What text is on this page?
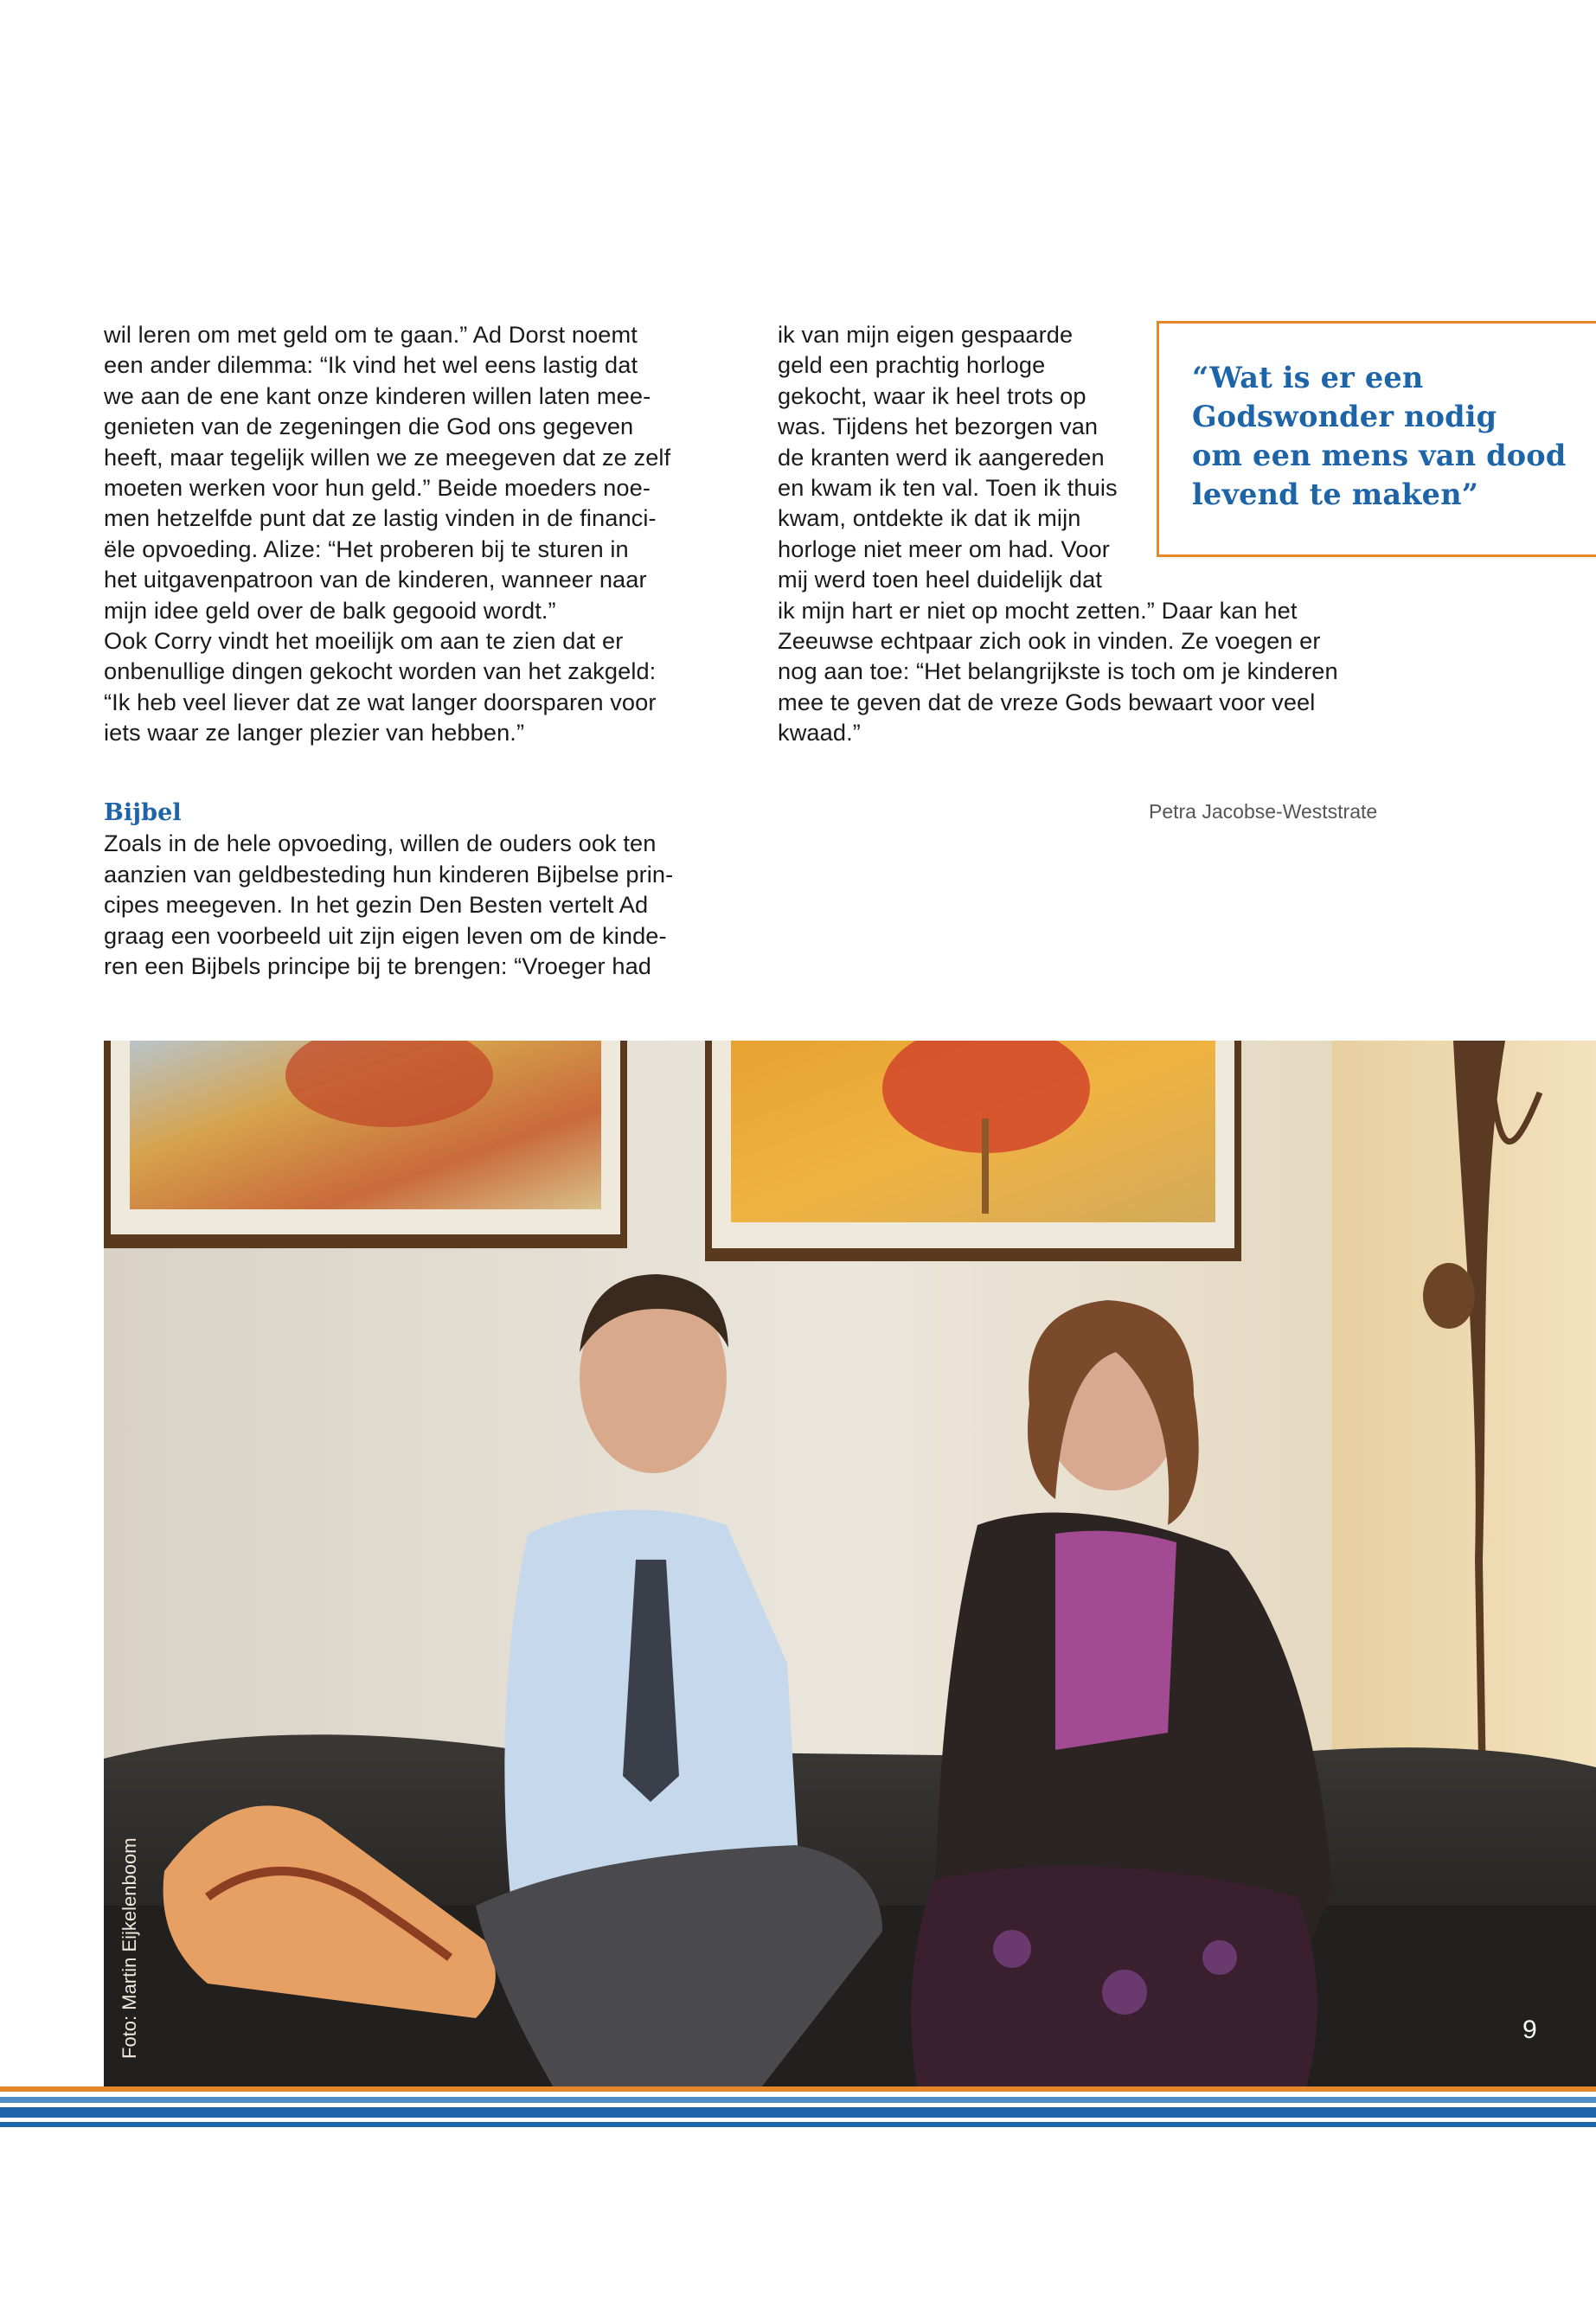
wil leren om met geld om te gaan.” Ad Dorst noemt
een ander dilemma: “Ik vind het wel eens lastig dat
we aan de ene kant onze kinderen willen laten mee-
genieten van de zegeningen die God ons gegeven
heeft, maar tegelijk willen we ze meegeven dat ze zelf
moeten werken voor hun geld.” Beide moeders noe-
men hetzelfde punt dat ze lastig vinden in de financi-
ële opvoeding. Alize: “Het proberen bij te sturen in
het uitgavenpatroon van de kinderen, wanneer naar
mijn idee geld over de balk gegooid wordt.”
Ook Corry vindt het moeilijk om aan te zien dat er
onbenullige dingen gekocht worden van het zakgeld:
“Ik heb veel liever dat ze wat langer doorsparen voor
iets waar ze langer plezier van hebben.”

Bijbel

Zoals in de hele opvoeding, willen de ouders ook ten
aanzien van geldbesteding hun kinderen Bijbelse prin-
cipes meegeven. In het gezin Den Besten vertelt Ad
graag een voorbeeld uit zijn eigen leven om de kinde-
ren een Bijbels principe bij te brengen: “Vroeger had

ik van mijn eigen gespaarde
geld een prachtig horloge
gekocht, waar ik heel trots op
was. Tijdens het bezorgen van
de kranten werd ik aangereden
en kwam ik ten val. Toen ik thuis
kwam, ontdekte ik dat ik mijn
horloge niet meer om had. Voor
mij werd toen heel duidelijk dat
ik mijn hart er niet op mocht zetten.” Daar kan het
Zeeuwse echtpaar zich ook in vinden. Ze voegen er
nog aan toe: “Het belangrijkste is toch om je kinderen
mee te geven dat de vreze Gods bewaart voor veel
kwaad.”

“Wat is er een
Godswonder nodig
om een mens van dood
levend te maken”
Petra Jacobse-Weststrate
9
